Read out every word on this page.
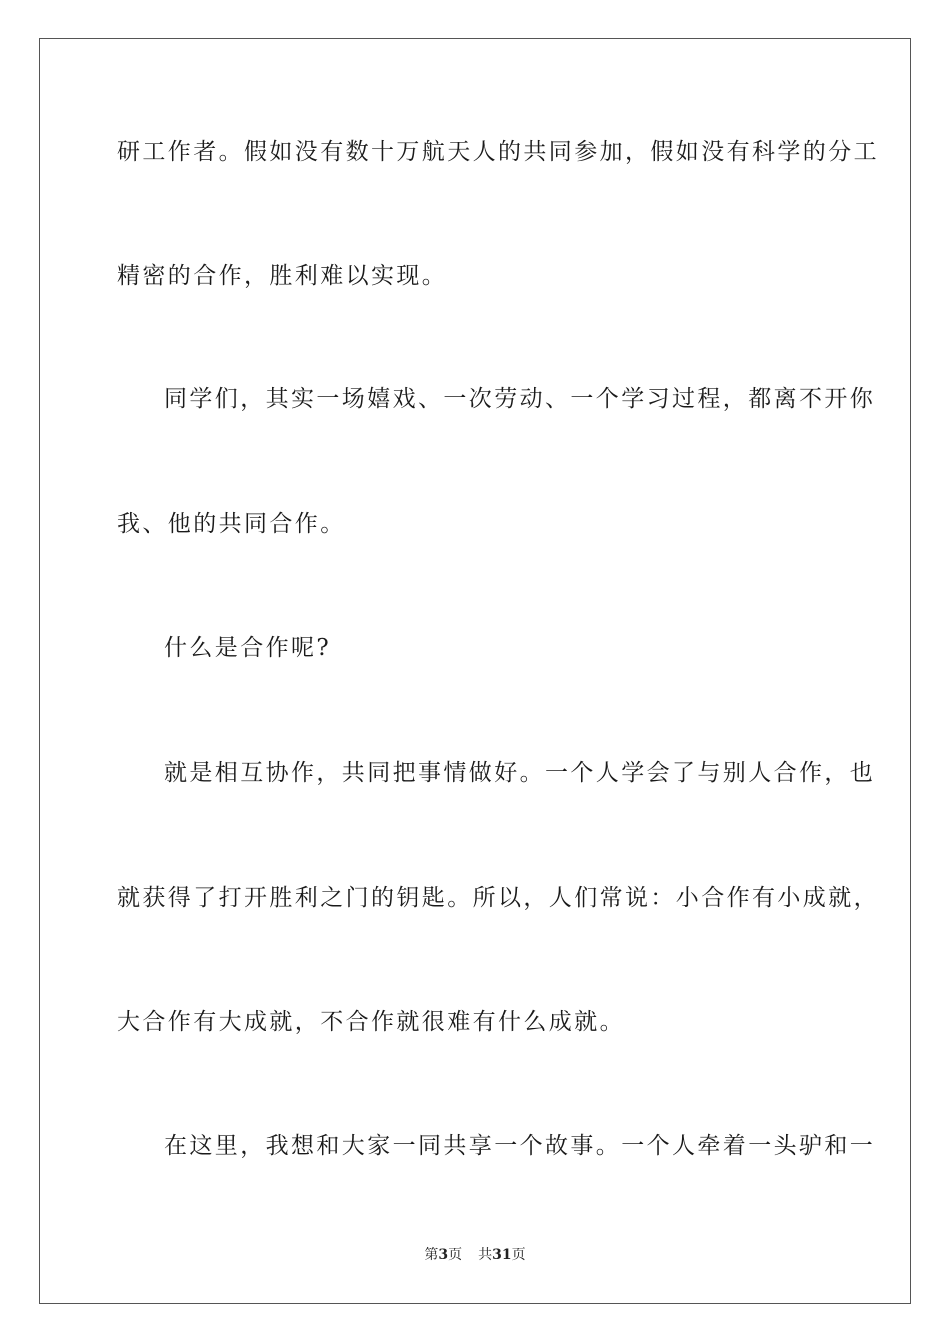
研工作者。假如没有数十万航天人的共同参加，假如没有科学的分工
精密的合作，胜利难以实现。
同学们，其实一场嬉戏、一次劳动、一个学习过程，都离不开你
我、他的共同合作。
什么是合作呢?
就是相互协作，共同把事情做好。一个人学会了与别人合作，也
就获得了打开胜利之门的钥匙。所以，人们常说：小合作有小成就，
大合作有大成就，不合作就很难有什么成就。
在这里，我想和大家一同共享一个故事。一个人牵着一头驴和一
第3页 共31页
